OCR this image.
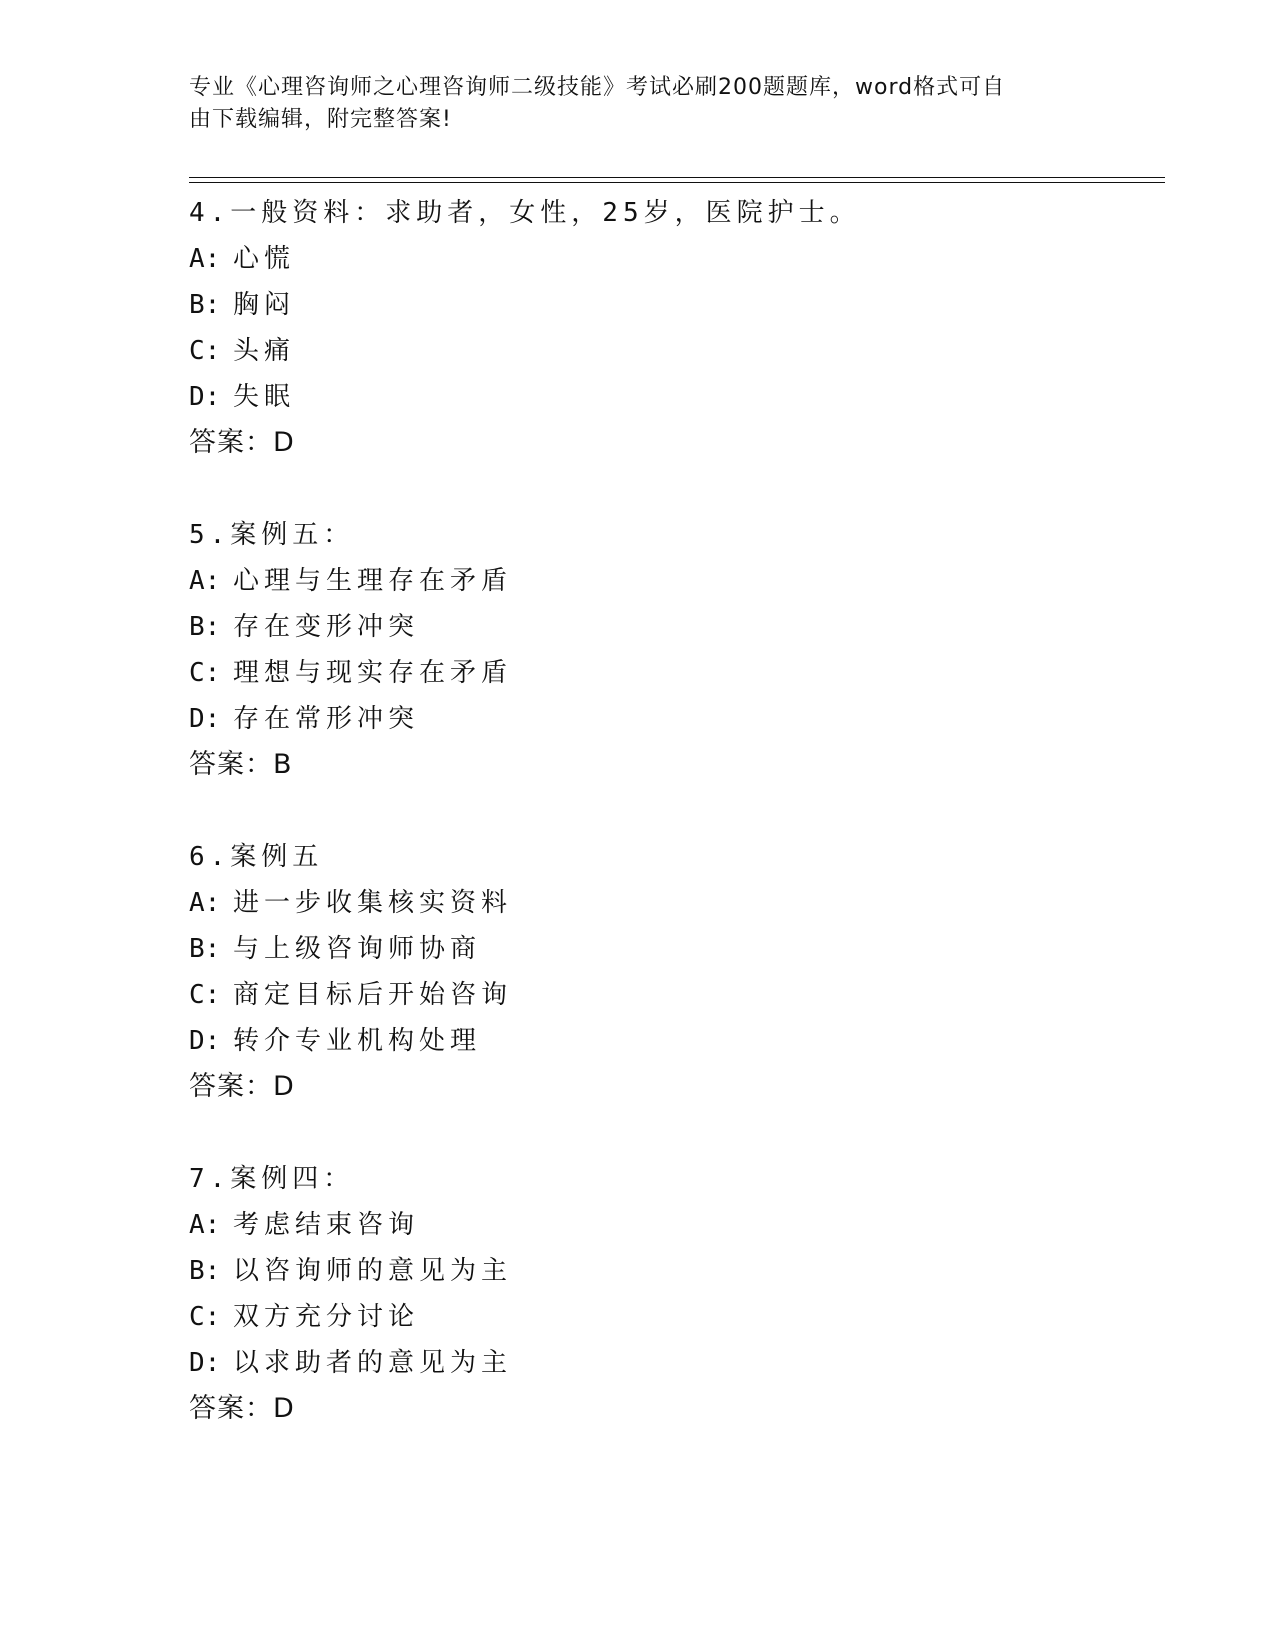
专业《心理咨询师之心理咨询师二级技能》考试必刷200题题库，word格式可自
由下载编辑，附完整答案!
4.一般资料：求助者，女性，25岁，医院护士。
A: 心慌
B: 胸闷
C: 头痛
D: 失眠
答案：D
5.案例五：
A: 心理与生理存在矛盾
B: 存在变形冲突
C: 理想与现实存在矛盾
D: 存在常形冲突
答案：B
6.案例五
A: 进一步收集核实资料
B: 与上级咨询师协商
C: 商定目标后开始咨询
D: 转介专业机构处理
答案：D
7.案例四：
A: 考虑结束咨询
B: 以咨询师的意见为主
C: 双方充分讨论
D: 以求助者的意见为主
答案：D
